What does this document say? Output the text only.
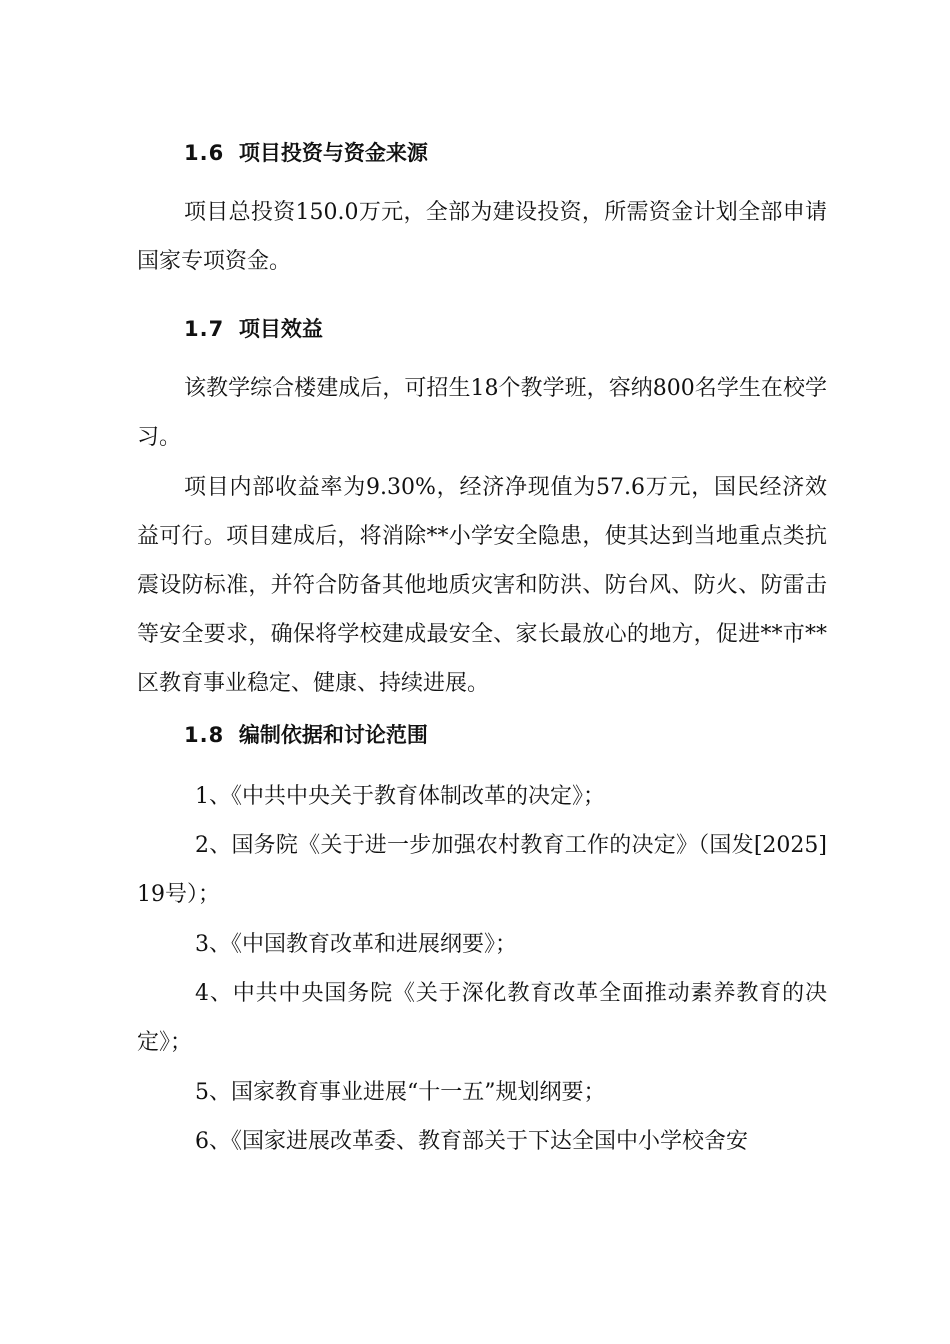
1.6 项目投资与资金来源
项目总投资150.0万元，全部为建设投资，所需资金计划全部申请国家专项资金。
1.7 项目效益
该教学综合楼建成后，可招生18个教学班，容纳800名学生在校学习。
项目内部收益率为9.30%，经济净现值为57.6万元，国民经济效益可行。项目建成后，将消除**小学安全隐患，使其达到当地重点类抗震设防标准，并符合防备其他地质灾害和防洪、防台风、防火、防雷击等安全要求，确保将学校建成最安全、家长最放心的地方，促进**市**区教育事业稳定、健康、持续进展。
1.8 编制依据和讨论范围
1、《中共中央关于教育体制改革的决定》；
2、国务院《关于进一步加强农村教育工作的决定》（国发[2025]19号）；
3、《中国教育改革和进展纲要》；
4、中共中央国务院《关于深化教育改革全面推动素养教育的决定》；
5、国家教育事业进展“十一五”规划纲要；
6、《国家进展改革委、教育部关于下达全国中小学校舍安
